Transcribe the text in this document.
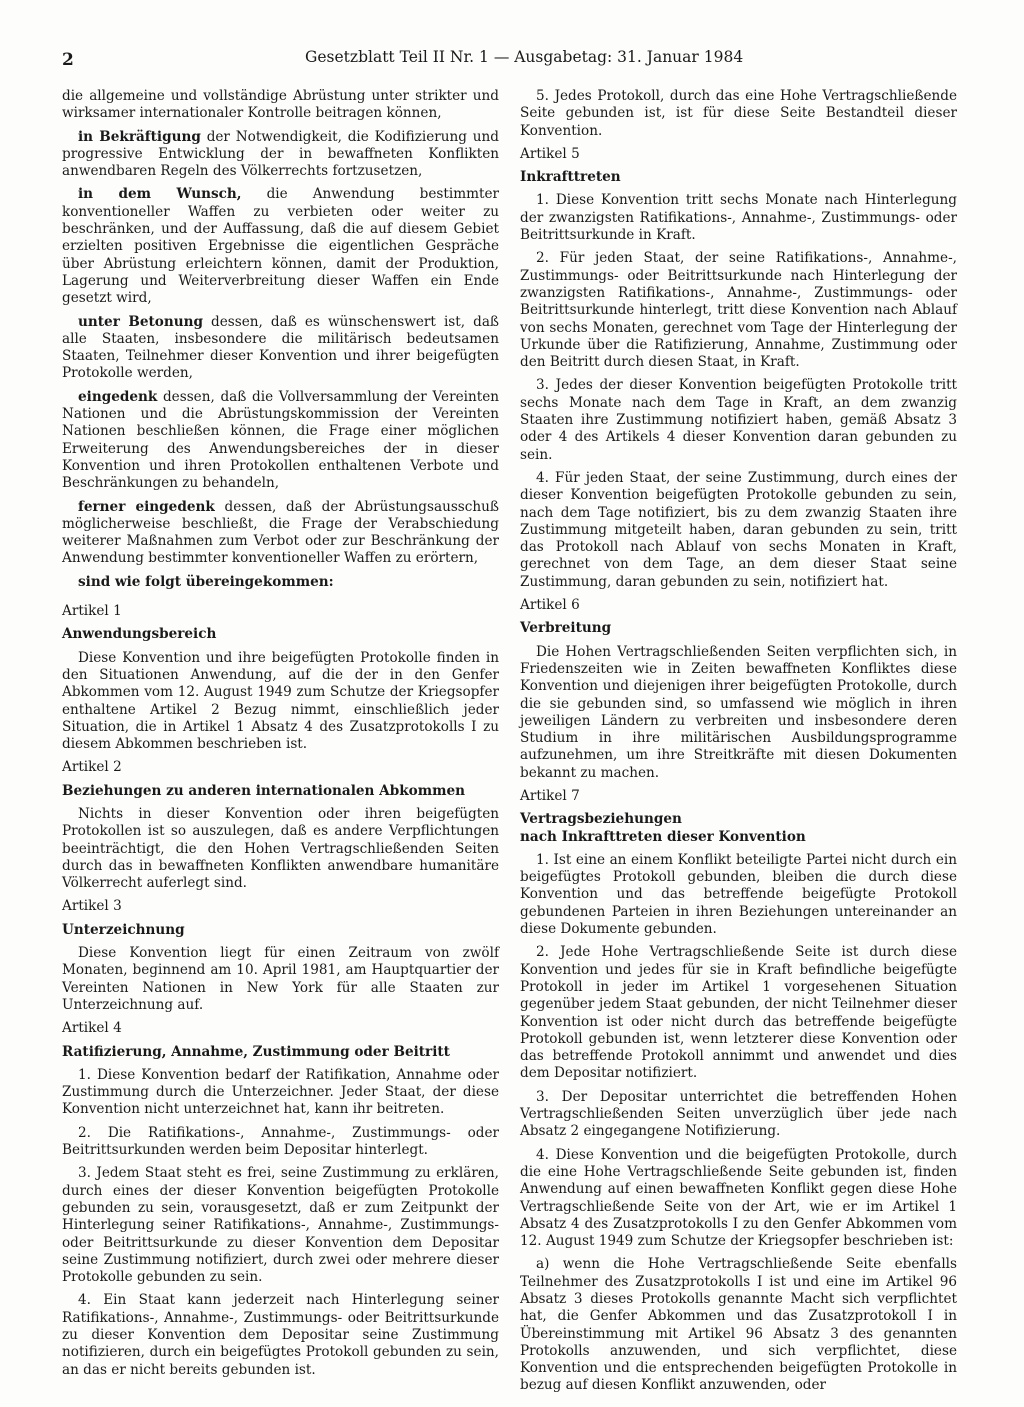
2	Gesetzblatt Teil II Nr. 1 — Ausgabetag: 31. Januar 1984

die allgemeine und vollständige Abrüstung unter strikter und wirksamer internationaler Kontrolle beitragen können,

in Bekräftigung der Notwendigkeit, die Kodifizierung und progressive Entwicklung der in bewaffneten Konflikten anwendbaren Regeln des Völkerrechts fortzusetzen,

in dem Wunsch, die Anwendung bestimmter konventioneller Waffen zu verbieten oder weiter zu beschränken, und der Auffassung, daß die auf diesem Gebiet erzielten positiven Ergebnisse die eigentlichen Gespräche über Abrüstung erleichtern können, damit der Produktion, Lagerung und Weiterverbreitung dieser Waffen ein Ende gesetzt wird,

unter Betonung dessen, daß es wünschenswert ist, daß alle Staaten, insbesondere die militärisch bedeutsamen Staaten, Teilnehmer dieser Konvention und ihrer beigefügten Protokolle werden,

eingedenk dessen, daß die Vollversammlung der Vereinten Nationen und die Abrüstungskommission der Vereinten Nationen beschließen können, die Frage einer möglichen Erweiterung des Anwendungsbereiches der in dieser Konvention und ihren Protokollen enthaltenen Verbote und Beschränkungen zu behandeln,

ferner eingedenk dessen, daß der Abrüstungsausschuß möglicherweise beschließt, die Frage der Verabschiedung weiterer Maßnahmen zum Verbot oder zur Beschränkung der Anwendung bestimmter konventioneller Waffen zu erörtern,

sind wie folgt übereingekommen:

Artikel 1

Anwendungsbereich

Diese Konvention und ihre beigefügten Protokolle finden in den Situationen Anwendung, auf die der in den Genfer Abkommen vom 12. August 1949 zum Schutze der Kriegsopfer enthaltene Artikel 2 Bezug nimmt, einschließlich jeder Situation, die in Artikel 1 Absatz 4 des Zusatzprotokolls I zu diesem Abkommen beschrieben ist.

Artikel 2

Beziehungen zu anderen internationalen Abkommen

Nichts in dieser Konvention oder ihren beigefügten Protokollen ist so auszulegen, daß es andere Verpflichtungen beeinträchtigt, die den Hohen Vertragschließenden Seiten durch das in bewaffneten Konflikten anwendbare humanitäre Völkerrecht auferlegt sind.

Artikel 3

Unterzeichnung

Diese Konvention liegt für einen Zeitraum von zwölf Monaten, beginnend am 10. April 1981, am Hauptquartier der Vereinten Nationen in New York für alle Staaten zur Unterzeichnung auf.

Artikel 4

Ratifizierung, Annahme, Zustimmung oder Beitritt

1. Diese Konvention bedarf der Ratifikation, Annahme oder Zustimmung durch die Unterzeichner. Jeder Staat, der diese Konvention nicht unterzeichnet hat, kann ihr beitreten.

2. Die Ratifikations-, Annahme-, Zustimmungs- oder Beitrittsurkunden werden beim Depositar hinterlegt.

3. Jedem Staat steht es frei, seine Zustimmung zu erklären, durch eines der dieser Konvention beigefügten Protokolle gebunden zu sein, vorausgesetzt, daß er zum Zeitpunkt der Hinterlegung seiner Ratifikations-, Annahme-, Zustimmungs- oder Beitrittsurkunde zu dieser Konvention dem Depositar seine Zustimmung notifiziert, durch zwei oder mehrere dieser Protokolle gebunden zu sein.

4. Ein Staat kann jederzeit nach Hinterlegung seiner Ratifikations-, Annahme-, Zustimmungs- oder Beitrittsurkunde zu dieser Konvention dem Depositar seine Zustimmung notifizieren, durch ein beigefügtes Protokoll gebunden zu sein, an das er nicht bereits gebunden ist.

5. Jedes Protokoll, durch das eine Hohe Vertragschließende Seite gebunden ist, ist für diese Seite Bestandteil dieser Konvention.

Artikel 5

Inkrafttreten

1. Diese Konvention tritt sechs Monate nach Hinterlegung der zwanzigsten Ratifikations-, Annahme-, Zustimmungs- oder Beitrittsurkunde in Kraft.

2. Für jeden Staat, der seine Ratifikations-, Annahme-, Zustimmungs- oder Beitrittsurkunde nach Hinterlegung der zwanzigsten Ratifikations-, Annahme-, Zustimmungs- oder Beitrittsurkunde hinterlegt, tritt diese Konvention nach Ablauf von sechs Monaten, gerechnet vom Tage der Hinterlegung der Urkunde über die Ratifizierung, Annahme, Zustimmung oder den Beitritt durch diesen Staat, in Kraft.

3. Jedes der dieser Konvention beigefügten Protokolle tritt sechs Monate nach dem Tage in Kraft, an dem zwanzig Staaten ihre Zustimmung notifiziert haben, gemäß Absatz 3 oder 4 des Artikels 4 dieser Konvention daran gebunden zu sein.

4. Für jeden Staat, der seine Zustimmung, durch eines der dieser Konvention beigefügten Protokolle gebunden zu sein, nach dem Tage notifiziert, bis zu dem zwanzig Staaten ihre Zustimmung mitgeteilt haben, daran gebunden zu sein, tritt das Protokoll nach Ablauf von sechs Monaten in Kraft, gerechnet von dem Tage, an dem dieser Staat seine Zustimmung, daran gebunden zu sein, notifiziert hat.

Artikel 6

Verbreitung

Die Hohen Vertragschließenden Seiten verpflichten sich, in Friedenszeiten wie in Zeiten bewaffneten Konfliktes diese Konvention und diejenigen ihrer beigefügten Protokolle, durch die sie gebunden sind, so umfassend wie möglich in ihren jeweiligen Ländern zu verbreiten und insbesondere deren Studium in ihre militärischen Ausbildungsprogramme aufzunehmen, um ihre Streitkräfte mit diesen Dokumenten bekannt zu machen.

Artikel 7

Vertragsbeziehungen

nach Inkrafttreten dieser Konvention

1. Ist eine an einem Konflikt beteiligte Partei nicht durch ein beigefügtes Protokoll gebunden, bleiben die durch diese Konvention und das betreffende beigefügte Protokoll gebundenen Parteien in ihren Beziehungen untereinander an diese Dokumente gebunden.

2. Jede Hohe Vertragschließende Seite ist durch diese Konvention und jedes für sie in Kraft befindliche beigefügte Protokoll in jeder im Artikel 1 vorgesehenen Situation gegenüber jedem Staat gebunden, der nicht Teilnehmer dieser Konvention ist oder nicht durch das betreffende beigefügte Protokoll gebunden ist, wenn letzterer diese Konvention oder das betreffende Protokoll annimmt und anwendet und dies dem Depositar notifiziert.

3. Der Depositar unterrichtet die betreffenden Hohen Vertragschließenden Seiten unverzüglich über jede nach Absatz 2 eingegangene Notifizierung.

4. Diese Konvention und die beigefügten Protokolle, durch die eine Hohe Vertragschließende Seite gebunden ist, finden Anwendung auf einen bewaffneten Konflikt gegen diese Hohe Vertragschließende Seite von der Art, wie er im Artikel 1 Absatz 4 des Zusatzprotokolls I zu den Genfer Abkommen vom 12. August 1949 zum Schutze der Kriegsopfer beschrieben ist:

a) wenn die Hohe Vertragschließende Seite ebenfalls Teilnehmer des Zusatzprotokolls I ist und eine im Artikel 96 Absatz 3 dieses Protokolls genannte Macht sich verpflichtet hat, die Genfer Abkommen und das Zusatzprotokoll I in Übereinstimmung mit Artikel 96 Absatz 3 des genannten Protokolls anzuwenden, und sich verpflichtet, diese Konvention und die entsprechenden beigefügten Protokolle in bezug auf diesen Konflikt anzuwenden, oder
